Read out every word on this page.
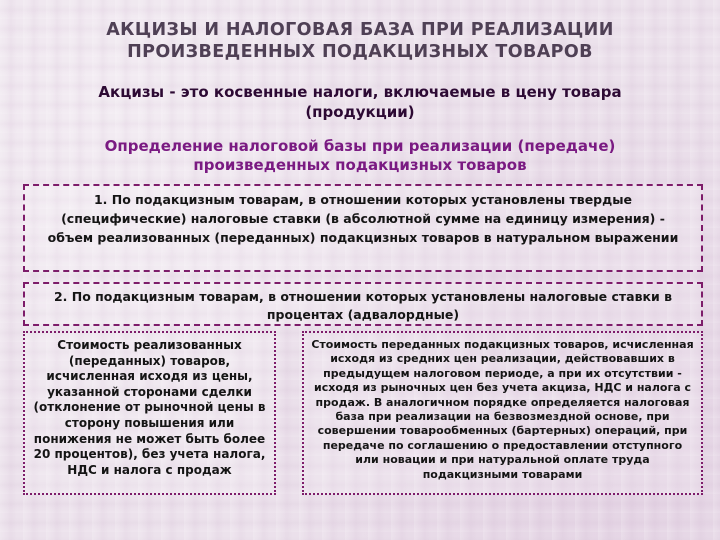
АКЦИЗЫ И НАЛОГОВАЯ БАЗА ПРИ РЕАЛИЗАЦИИ ПРОИЗВЕДЕННЫХ ПОДАКЦИЗНЫХ ТОВАРОВ
Акцизы - это косвенные налоги, включаемые в цену товара (продукции)
Определение налоговой базы при реализации (передаче) произведенных подакцизных товаров
1. По подакцизным товарам, в отношении которых установлены твердые (специфические) налоговые ставки (в абсолютной сумме на единицу измерения) - объем реализованных (переданных) подакцизных товаров в натуральном выражении
2. По подакцизным товарам, в отношении которых установлены налоговые ставки в процентах (адвалордные)
Стоимость реализованных (переданных) товаров, исчисленная исходя из цены, указанной сторонами сделки (отклонение от рыночной цены в сторону повышения или понижения не может быть более 20 процентов), без учета налога, НДС и налога с продаж
Стоимость переданных подакцизных товаров, исчисленная исходя из средних цен реализации, действовавших в предыдущем налоговом периоде, а при их отсутствии - исходя из рыночных цен без учета акциза, НДС и налога с продаж. В аналогичном порядке определяется налоговая база при реализации на безвозмездной основе, при совершении товарообменных (бартерных) операций, при передаче по соглашению о предоставлении отступного или новации и при натуральной оплате труда подакцизными товарами
